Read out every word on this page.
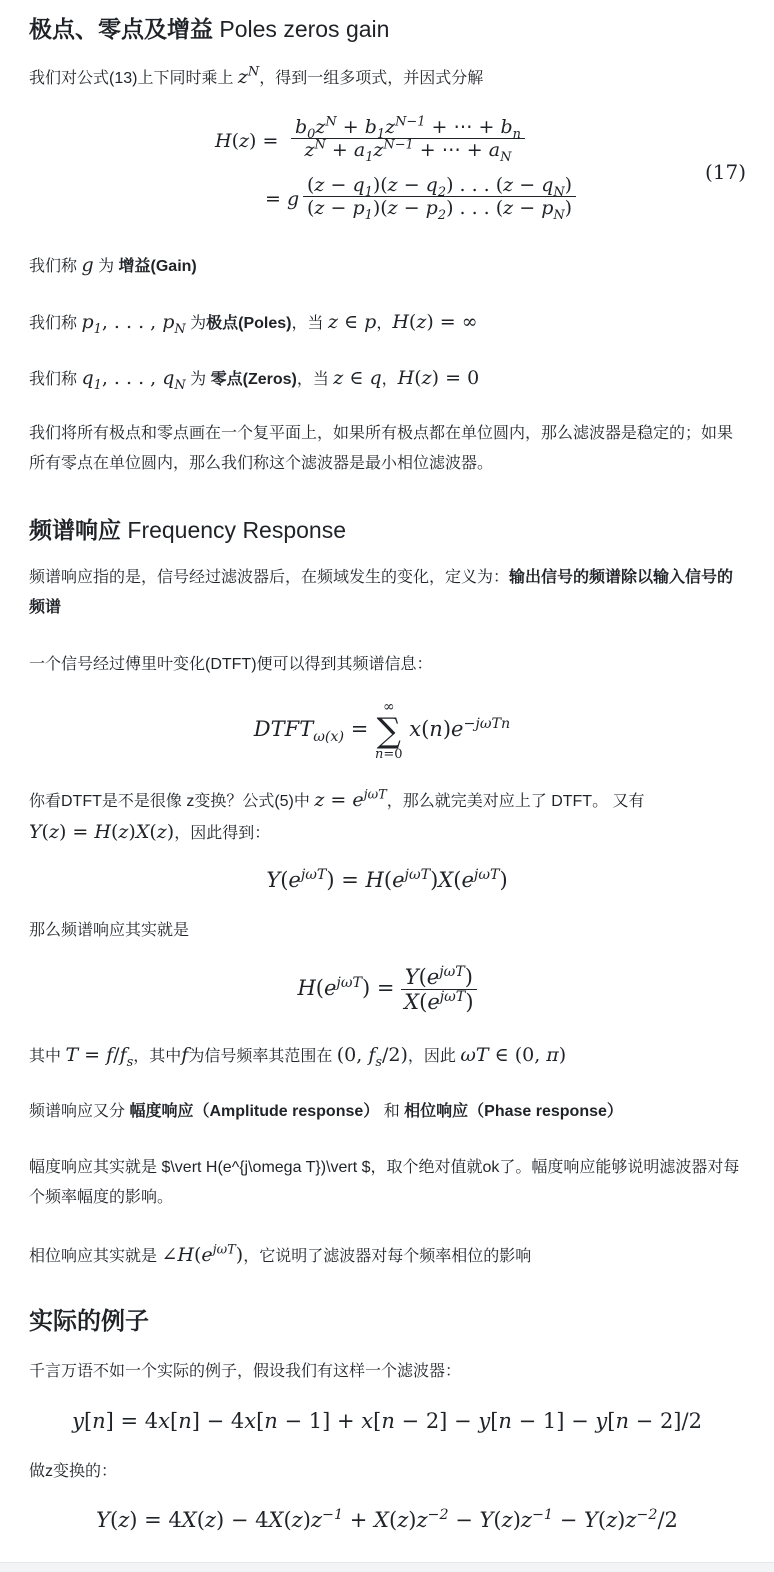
极点、零点及增益 Poles zeros gain

我们对公式(13)上下同时乘上 $z^N$，得到一组多项式，并因式分解

H(z) =
$b_0z^N + b_1z^{N-1}$ + ⋯ + $b_n$
$z^N + a_1z^{N-1}$ + ⋯ + $a_N$
= g
$(z - q_1)(z - q_2)$ . . . $(z - q_N)$
$(z - p_1)(z - p_2)$ . . . $(z - p_N)$
(17)

我们称 g 为 增益(Gain)

我们称 $p_1$, . . . , $p_N$ 为极点(Poles)，当 z ∈ p，H(z) = ∞

我们称 $q_1$, . . . , $q_N$ 为 零点(Zeros)，当 z ∈ q，H(z) = 0

我们将所有极点和零点画在一个复平面上，如果所有极点都在单位圆内，那么滤波器是稳定的；如果所有零点在单位圆内，那么我们称这个滤波器是最小相位滤波器。

频谱响应 Frequency Response

频谱响应指的是，信号经过滤波器后，在频域发生的变化，定义为：输出信号的频谱除以输入信号的频谱

一个信号经过傅里叶变化(DTFT)便可以得到其频谱信息：

$DTFT_{\omega(x)}$ =
∞
∑
n=0
$x(n)e^{-j\omega Tn}$

你看DTFT是不是很像 z变换？公式(5)中 $z = e^{j\omega T}$，那么就完美对应上了 DTFT。 又有
Y(z) = H(z)X(z)，因此得到：

$Y(e^{j\omega T}) = H(e^{j\omega T})X(e^{j\omega T})$

那么频谱响应其实就是

$H(e^{j\omega T}) = \frac{Y(e^{j\omega T})}{X(e^{j\omega T})}$

其中 $T = f/f_s$，其中f为信号频率其范围在 (0, $f_s/2$)，因此 ωT ∈ (0, π)

频谱响应又分 幅度响应（Amplitude response） 和 相位响应（Phase response）

幅度响应其实就是 $\vert H(e^{j\omega T})\vert $，取个绝对值就ok了。幅度响应能够说明滤波器对每个频率幅度的影响。

相位响应其实就是 $\angle H(e^{j\omega T})$，它说明了滤波器对每个频率相位的影响

实际的例子

千言万语不如一个实际的例子，假设我们有这样一个滤波器：

y[n] = 4x[n] − 4x[n − 1] + x[n − 2] − y[n − 1] − y[n − 2]/2

做z变换的：

$Y(z) = 4X(z) - 4X(z)z^{-1} + X(z)z^{-2} - Y(z)z^{-1} - Y(z)z^{-2}/2$
